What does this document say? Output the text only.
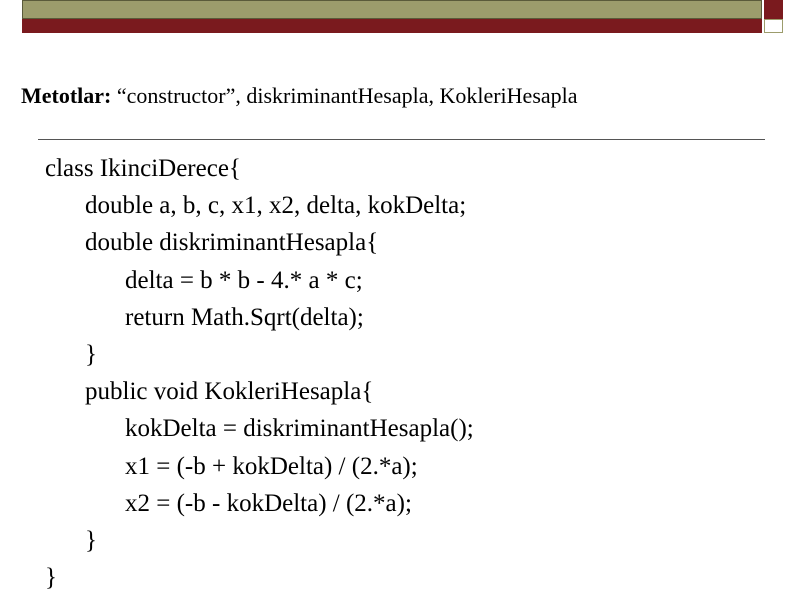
Metotlar: “constructor”, diskriminantHesapla, KokleriHesapla
class IkinciDerece{
double a, b, c, x1, x2, delta, kokDelta;
double diskriminantHesapla{
delta = b * b - 4.* a * c;
return Math.Sqrt(delta);
}
public void KokleriHesapla{
kokDelta = diskriminantHesapla();
x1 = (-b + kokDelta) / (2.*a);
x2 = (-b - kokDelta) / (2.*a);
}
}
